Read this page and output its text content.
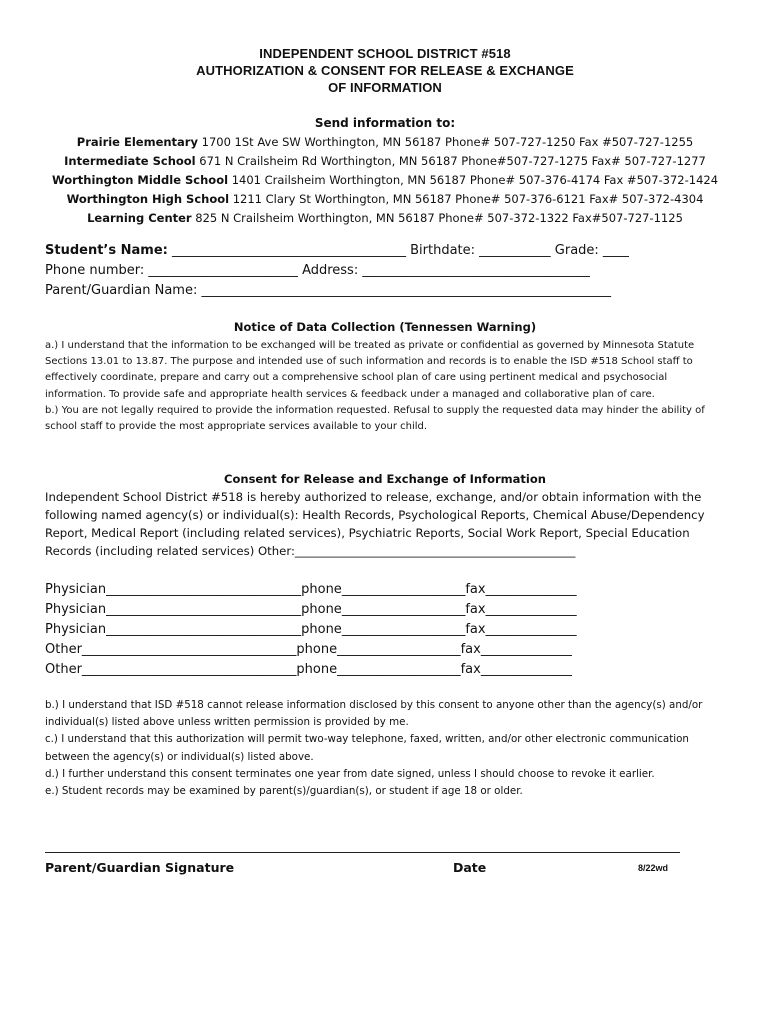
INDEPENDENT SCHOOL DISTRICT #518
AUTHORIZATION & CONSENT FOR RELEASE & EXCHANGE
OF INFORMATION
Send information to:
Prairie Elementary 1700 1St Ave SW Worthington, MN 56187 Phone# 507-727-1250 Fax #507-727-1255
Intermediate School 671 N Crailsheim Rd Worthington, MN 56187 Phone#507-727-1275 Fax# 507-727-1277
Worthington Middle School 1401 Crailsheim Worthington, MN 56187 Phone# 507-376-4174 Fax #507-372-1424
Worthington High School 1211 Clary St Worthington, MN 56187 Phone# 507-376-6121 Fax# 507-372-4304
Learning Center 825 N Crailsheim Worthington, MN 56187 Phone# 507-372-1322 Fax#507-727-1125
Student’s Name: ____________________________________ Birthdate: ___________ Grade: ____
Phone number: _______________________ Address: ___________________________________
Parent/Guardian Name: _______________________________________________________________
Notice of Data Collection (Tennessen Warning)

a.) I understand that the information to be exchanged will be treated as private or confidential as governed by Minnesota Statute Sections 13.01 to 13.87. The purpose and intended use of such information and records is to enable the ISD #518 School staff to effectively coordinate, prepare and carry out a comprehensive school plan of care using pertinent medical and psychosocial information. To provide safe and appropriate health services & feedback under a managed and collaborative plan of care.

b.) You are not legally required to provide the information requested. Refusal to supply the requested data may hinder the ability of school staff to provide the most appropriate services available to your child.

Consent for Release and Exchange of Information

Independent School District #518 is hereby authorized to release, exchange, and/or obtain information with the following named agency(s) or individual(s): Health Records, Psychological Reports, Chemical Abuse/Dependency Report, Medical Report (including related services), Psychiatric Reports, Social Work Report, Special Education Records (including related services) Other:________________________________________________

Physician______________________________phone___________________fax______________
Physician______________________________phone___________________fax______________
Physician______________________________phone___________________fax______________
Other_________________________________phone___________________fax______________
Other_________________________________phone___________________fax______________

b.) I understand that ISD #518 cannot release information disclosed by this consent to anyone other than the agency(s) and/or individual(s) listed above unless written permission is provided by me.

c.) I understand that this authorization will permit two-way telephone, faxed, written, and/or other electronic communication between the agency(s) or individual(s) listed above.

d.) I further understand this consent terminates one year from date signed, unless I should choose to revoke it earlier.

e.) Student records may be examined by parent(s)/guardian(s), or student if age 18 or older.

Parent/Guardian Signature	Date	8/22wd
